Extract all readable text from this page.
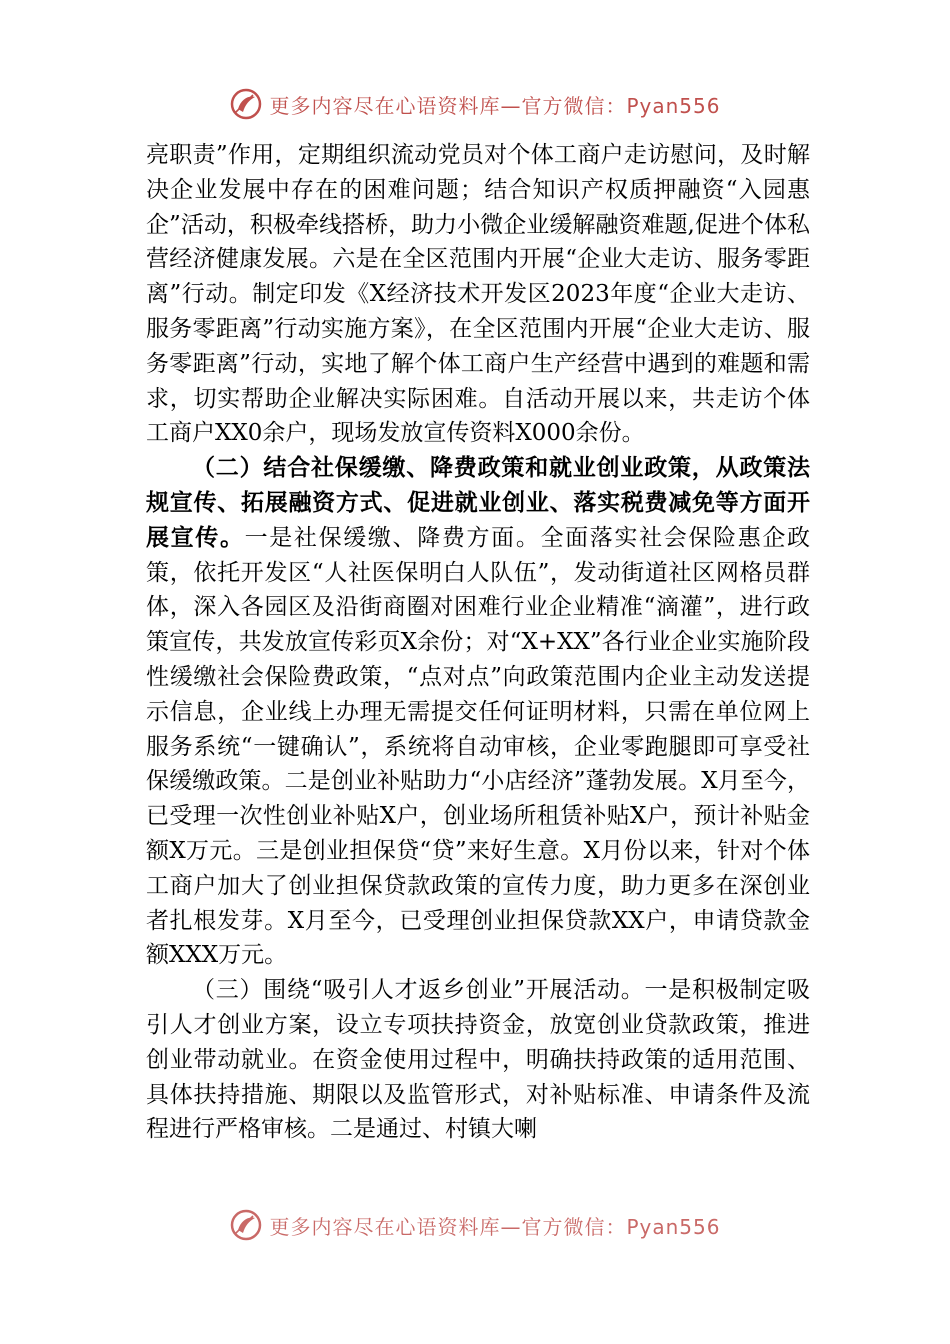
更多内容尽在心语资料库—官方微信：Pyan556

亮职责”作用，定期组织流动党员对个体工商户走访慰问，及时解决企业发展中存在的困难问题；结合知识产权质押融资“入园惠企”活动，积极牵线搭桥，助力小微企业缓解融资难题,促进个体私营经济健康发展。六是在全区范围内开展“企业大走访、服务零距离”行动。制定印发《X经济技术开发区2023年度“企业大走访、服务零距离”行动实施方案》，在全区范围内开展“企业大走访、服务零距离”行动，实地了解个体工商户生产经营中遇到的难题和需求，切实帮助企业解决实际困难。自活动开展以来，共走访个体工商户XX0余户，现场发放宣传资料X000余份。

（二）结合社保缓缴、降费政策和就业创业政策，从政策法规宣传、拓展融资方式、促进就业创业、落实税费减免等方面开展宣传。一是社保缓缴、降费方面。全面落实社会保险惠企政策，依托开发区“人社医保明白人队伍”，发动街道社区网格员群体，深入各园区及沿街商圈对困难行业企业精准“滴灌”，进行政策宣传，共发放宣传彩页X余份；对“X+XX”各行业企业实施阶段性缓缴社会保险费政策，“点对点”向政策范围内企业主动发送提示信息，企业线上办理无需提交任何证明材料，只需在单位网上服务系统“一键确认”，系统将自动审核，企业零跑腿即可享受社保缓缴政策。二是创业补贴助力“小店经济”蓬勃发展。X月至今，已受理一次性创业补贴X户，创业场所租赁补贴X户，预计补贴金额X万元。三是创业担保贷“贷”来好生意。X月份以来，针对个体工商户加大了创业担保贷款政策的宣传力度，助力更多在深创业者扎根发芽。X月至今，已受理创业担保贷款XX户，申请贷款金额XXX万元。

（三）围绕“吸引人才返乡创业”开展活动。一是积极制定吸引人才创业方案，设立专项扶持资金，放宽创业贷款政策，推进创业带动就业。在资金使用过程中，明确扶持政策的适用范围、具体扶持措施、期限以及监管形式，对补贴标准、申请条件及流程进行严格审核。二是通过、村镇大喇

更多内容尽在心语资料库—官方微信：Pyan556
